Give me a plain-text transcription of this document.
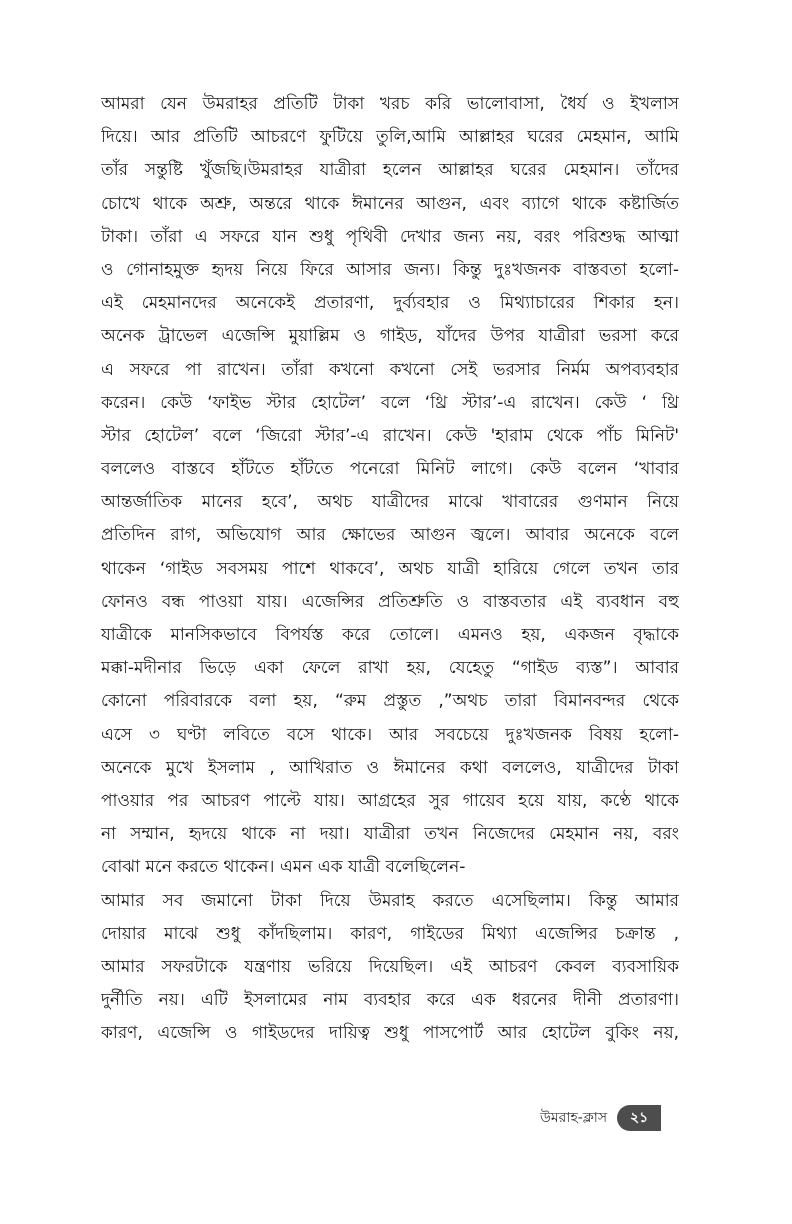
আমরা যেন উমরাহর প্রতিটি টাকা খরচ করি ভালোবাসা, ধৈর্য ও ইখলাস
দিয়ে। আর প্রতিটি আচরণে ফুটিয়ে তুলি,আমি আল্লাহর ঘরের মেহমান, আমি
তাঁর সন্তুষ্টি খুঁজছি।উমরাহর যাত্রীরা হলেন আল্লাহর ঘরের মেহমান। তাঁদের
চোখে থাকে অশ্রু, অন্তরে থাকে ঈমানের আগুন, এবং ব্যাগে থাকে কষ্টার্জিত
টাকা। তাঁরা এ সফরে যান শুধু পৃথিবী দেখার জন্য নয়, বরং পরিশুদ্ধ আত্মা
ও গোনাহমুক্ত হৃদয় নিয়ে ফিরে আসার জন্য। কিন্তু দুঃখজনক বাস্তবতা হলো-
এই মেহমানদের অনেকেই প্রতারণা, দুর্ব্যবহার ও মিথ্যাচারের শিকার হন।
অনেক ট্রাভেল এজেন্সি মুয়াল্লিম ও গাইড, যাঁদের উপর যাত্রীরা ভরসা করে
এ সফরে পা রাখেন। তাঁরা কখনো কখনো সেই ভরসার নির্মম অপব্যবহার
করেন। কেউ ‘ফাইভ স্টার হোটেল’ বলে ‘থ্রি স্টার’-এ রাখেন। কেউ ‘ থ্রি
স্টার হোটেল’ বলে ‘জিরো স্টার’-এ রাখেন। কেউ 'হারাম থেকে পাঁচ মিনিট'
বললেও বাস্তবে হাঁটতে হাঁটতে পনেরো মিনিট লাগে। কেউ বলেন ‘খাবার
আন্তর্জাতিক মানের হবে’, অথচ যাত্রীদের মাঝে খাবারের গুণমান নিয়ে
প্রতিদিন রাগ, অভিযোগ আর ক্ষোভের আগুন জ্বলে। আবার অনেকে বলে
থাকেন ‘গাইড সবসময় পাশে থাকবে’, অথচ যাত্রী হারিয়ে গেলে তখন তার
ফোনও বন্ধ পাওয়া যায়। এজেন্সির প্রতিশ্রুতি ও বাস্তবতার এই ব্যবধান বহু
যাত্রীকে মানসিকভাবে বিপর্যস্ত করে তোলে। এমনও হয়, একজন বৃদ্ধাকে
মক্কা-মদীনার ভিড়ে একা ফেলে রাখা হয়, যেহেতু “গাইড ব্যস্ত”। আবার
কোনো পরিবারকে বলা হয়, “রুম প্রস্তুত ,”অথচ তারা বিমানবন্দর থেকে
এসে ৩ ঘণ্টা লবিতে বসে থাকে। আর সবচেয়ে দুঃখজনক বিষয় হলো-
অনেকে মুখে ইসলাম , আখিরাত ও ঈমানের কথা বললেও, যাত্রীদের টাকা
পাওয়ার পর আচরণ পাল্টে যায়। আগ্রহের সুর গায়েব হয়ে যায়, কণ্ঠে থাকে
না সম্মান, হৃদয়ে থাকে না দয়া। যাত্রীরা তখন নিজেদের মেহমান নয়, বরং
বোঝা মনে করতে থাকেন। এমন এক যাত্রী বলেছিলেন-
আমার সব জমানো টাকা দিয়ে উমরাহ করতে এসেছিলাম। কিন্তু আমার
দোয়ার মাঝে শুধু কাঁদছিলাম। কারণ, গাইডের মিথ্যা এজেন্সির চক্রান্ত ,
আমার সফরটাকে যন্ত্রণায় ভরিয়ে দিয়েছিল। এই আচরণ কেবল ব্যবসায়িক
দুর্নীতি নয়। এটি ইসলামের নাম ব্যবহার করে এক ধরনের দীনী প্রতারণা।
কারণ, এজেন্সি ও গাইডদের দায়িত্ব শুধু পাসপোর্ট আর হোটেল বুকিং নয়,
উমরাহ-ক্লাস	২১
